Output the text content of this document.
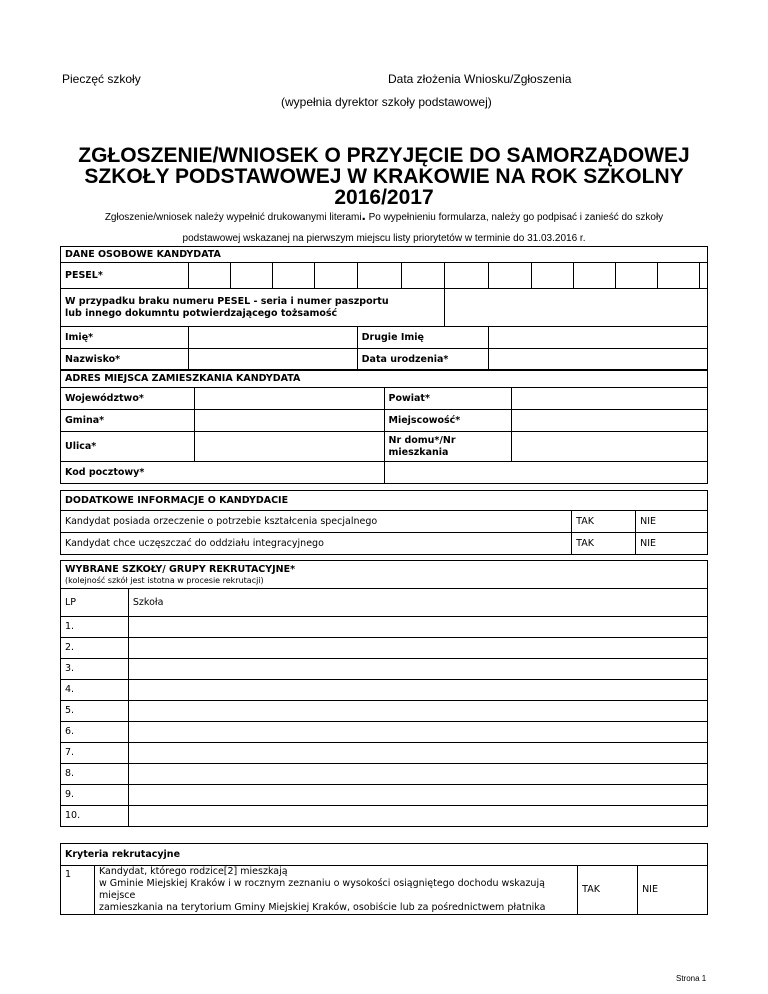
Pieczęć szkoły	Data złożenia Wniosku/Zgłoszenia
(wypełnia dyrektor szkoły podstawowej)
ZGŁOSZENIE/WNIOSEK O PRZYJĘCIE DO SAMORZĄDOWEJ
SZKOŁY PODSTAWOWEJ W KRAKOWIE NA ROK SZKOLNY
2016/2017
Zgłoszenie/wniosek należy wypełnić drukowanymi literami. Po wypełnieniu formularza, należy go podpisać i zanieść do szkoły
podstawowej wskazanej na pierwszym miejscu listy priorytetów w terminie do 31.03.2016 r.
DANE OSOBOWE KANDYDATA													
PESEL*													

W przypadku braku numeru PESEL - seria i numer paszportu
lub innego dokumntu potwierdzającego tożsamość													

Imię*					Drugie Imię								
Nazwisko*					Data urodzenia*								
ADRES MIEJSCA ZAMIESZKANIA KANDYDATA			
Województwo*		Powiat*	
Gmina*		Miejscowość*	
Ulica*		Nr domu*/Nr
mieszkania	

Kod pocztowy*			
DODATKOWE INFORMACJE O KANDYDACIE		
Kandydat posiada orzeczenie o potrzebie kształcenia specjalnego	TAK	NIE
Kandydat chce uczęszczać do oddziału integracyjnego	TAK	NIE
WYBRANE SZKOŁY/ GRUPY REKRUTACYJNE*
(kolejność szkół jest istotna w procesie rekrutacji)	

LP	Szkoła
1.	
2.	
3.	
4.	
5.	
6.	
7.	
8.	
9.	
10.	
Kryteria rekrutacyjne
1	Kandydat, którego rodzice[2] mieszkają
w Gminie Miejskiej Kraków i w rocznym zeznaniu o wysokości osiągniętego dochodu wskazują miejsce
zamieszkania na terytorium Gminy Miejskiej Kraków, osobiście lub za pośrednictwem płatnika
	TAK	NIE
Strona 1
